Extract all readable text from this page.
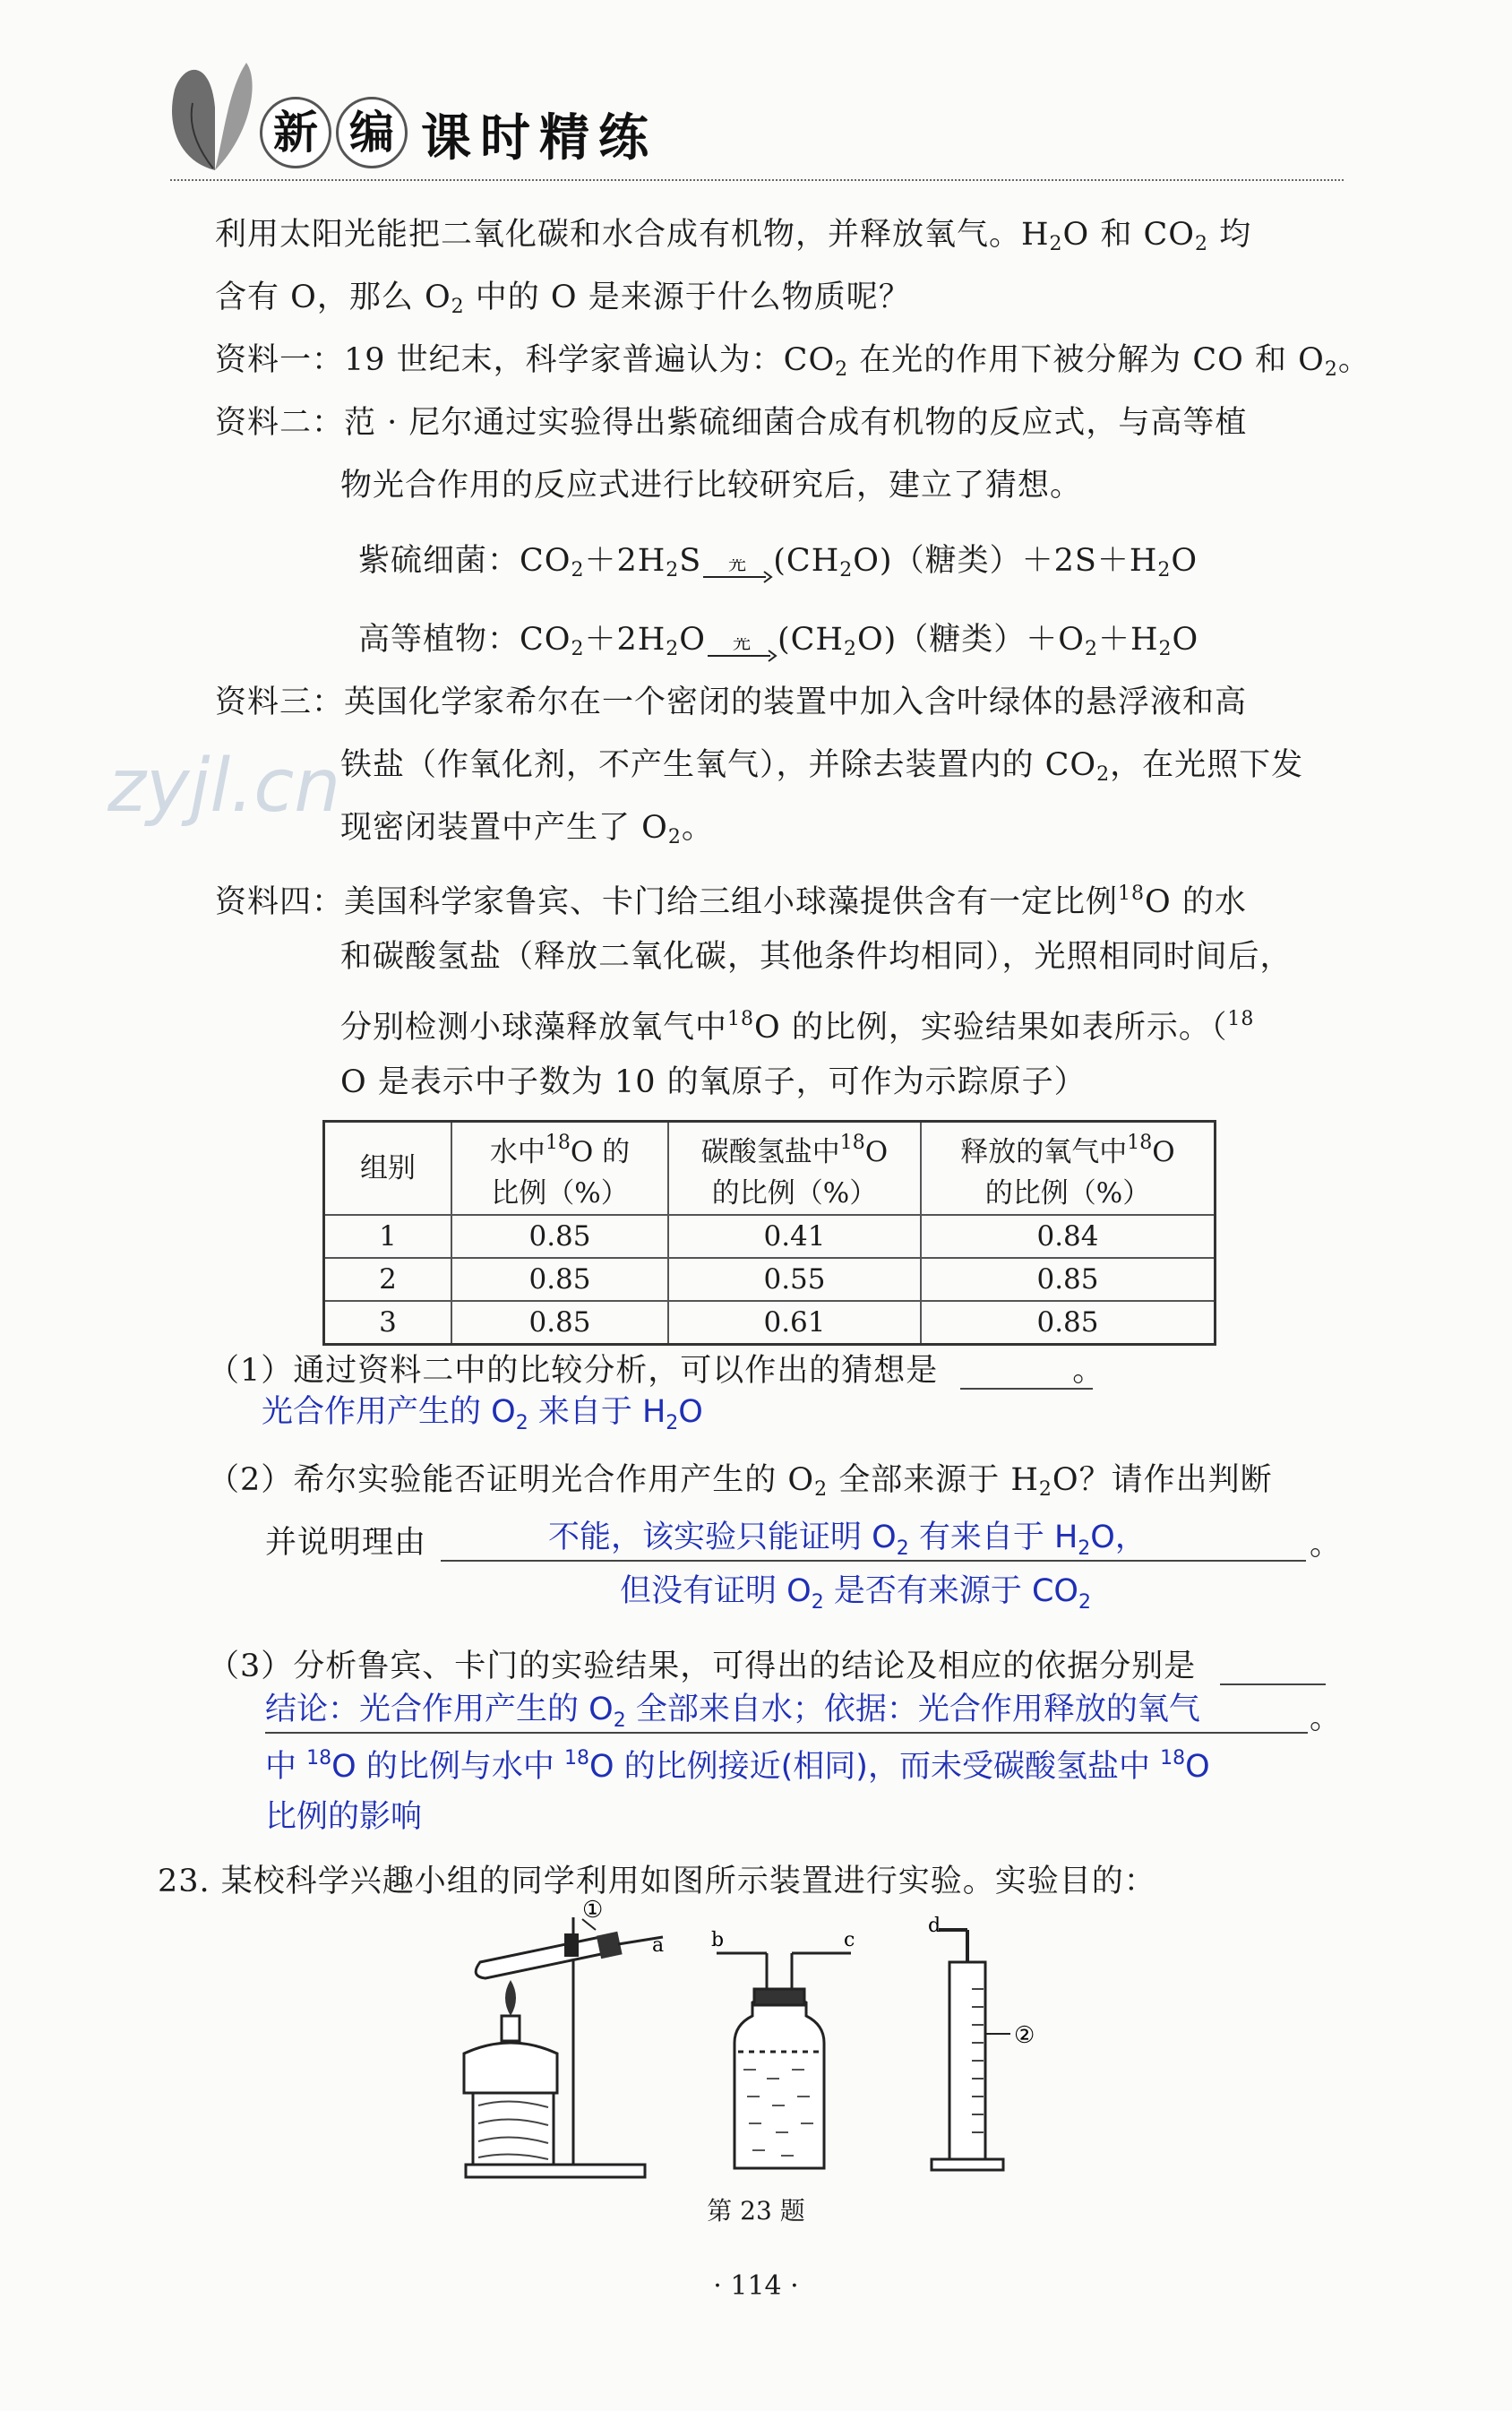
新 编 课时精练
zyjl.cn
利用太阳光能把二氧化碳和水合成有机物，并释放氧气。$H_2O$ 和 $CO_2$ 均
含有 O，那么 $O_2$ 中的 O 是来源于什么物质呢？
资料一：19 世纪末，科学家普遍认为：$CO_2$ 在光的作用下被分解为 CO 和 $O_2$。
资料二：范 · 尼尔通过实验得出紫硫细菌合成有机物的反应式，与高等植
物光合作用的反应式进行比较研究后，建立了猜想。
紫硫细菌：$CO_2+2H_2S$ 光 $(CH_2O)$（糖类）$+2S+H_2O$
高等植物：$CO_2+2H_2O$ 光 $(CH_2O)$（糖类）$+O_2+H_2O$
资料三：英国化学家希尔在一个密闭的装置中加入含叶绿体的悬浮液和高
铁盐（作氧化剂，不产生氧气），并除去装置内的 $CO_2$，在光照下发
现密闭装置中产生了 $O_2$。
资料四：美国科学家鲁宾、卡门给三组小球藻提供含有一定比例$^{18}$O 的水
和碳酸氢盐（释放二氧化碳，其他条件均相同），光照相同时间后，
分别检测小球藻释放氧气中$^{18}$O 的比例，实验结果如表所示。（$^{18}$
O 是表示中子数为 10 的氧原子，可作为示踪原子）
组别	水中$^{18}$O 的	碳酸氢盐中$^{18}$O	释放的氧气中$^{18}$O
	比例（%）	的比例（%）	的比例（%）
1	0.85	0.41	0.84
2	0.85	0.55	0.85
3	0.85	0.61	0.85
（1）通过资料二中的比较分析，可以作出的猜想是	。
光合作用产生的 $O_2$ 来自于 $H_2O$
（2）希尔实验能否证明光合作用产生的 $O_2$ 全部来源于 $H_2O$？请作出判断
并说明理由	不能，该实验只能证明 $O_2$ 有来自于 $H_2O$，	。
但没有证明 $O_2$ 是否有来源于 $CO_2$
（3）分析鲁宾、卡门的实验结果，可得出的结论及相应的依据分别是
结论：光合作用产生的 $O_2$ 全部来自水；依据：光合作用释放的氧气	。
中 $^{18}$O 的比例与水中 $^{18}$O 的比例接近(相同)，而未受碳酸氢盐中 $^{18}$O
比例的影响
23. 某校科学兴趣小组的同学利用如图所示装置进行实验。实验目的：
a
①
b	c
d
②
第 23 题
· 114 ·
